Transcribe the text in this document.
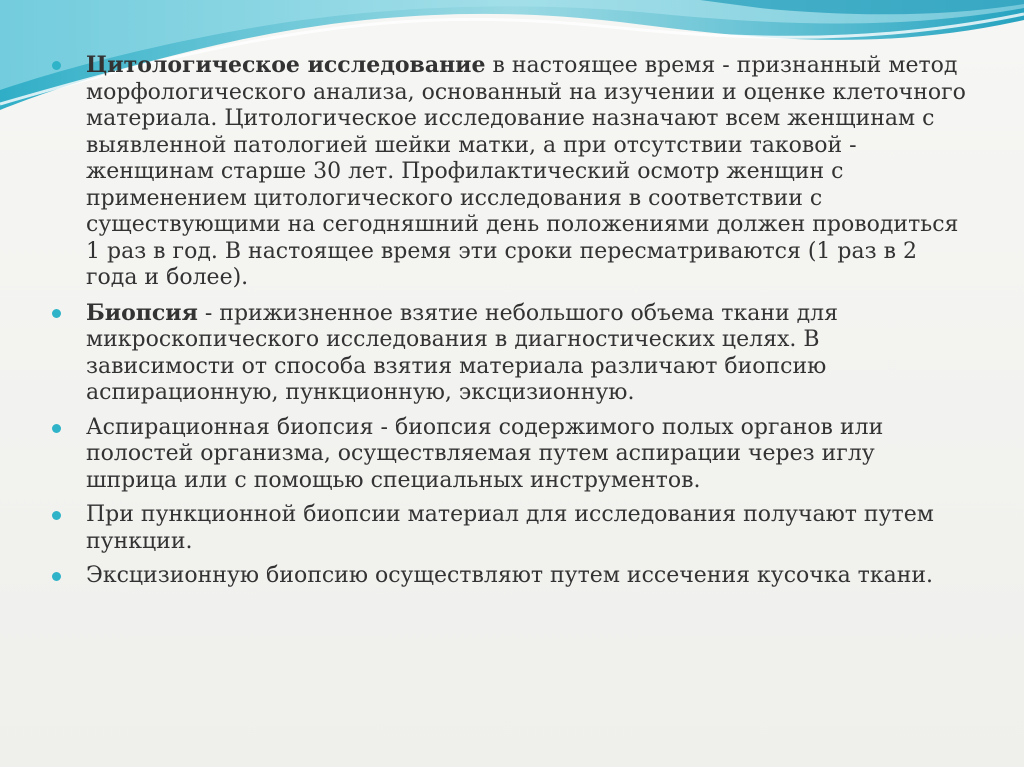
Цитологическое исследование в настоящее время - признанный метод морфологического анализа, основанный на изучении и оценке клеточного материала. Цитологическое исследование назначают всем женщинам с выявленной патологией шейки матки, а при отсутствии таковой - женщинам старше 30 лет. Профилактический осмотр женщин с применением цитологического исследования в соответствии с существующими на сегодняшний день положениями должен проводиться 1 раз в год. В настоящее время эти сроки пересматриваются (1 раз в 2 года и более).
Биопсия - прижизненное взятие небольшого объема ткани для микроскопического исследования в диагностических целях. В зависимости от способа взятия материала различают биопсию аспирационную, пункционную, эксцизионную.
Аспирационная биопсия - биопсия содержимого полых органов или полостей организма, осуществляемая путем аспирации через иглу шприца или с помощью специальных инструментов.
При пункционной биопсии материал для исследования получают путем пункции.
Эксцизионную биопсию осуществляют путем иссечения кусочка ткани.
